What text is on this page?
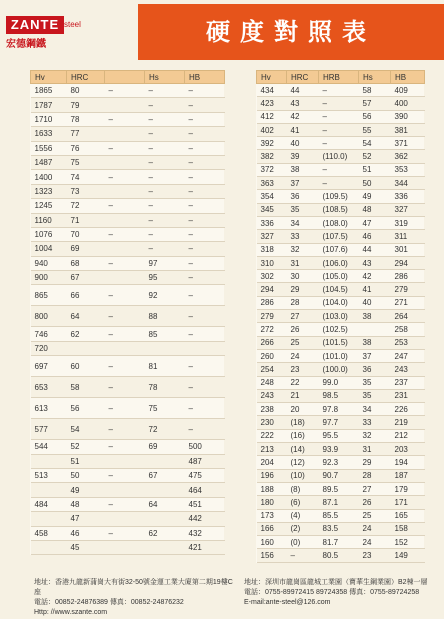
ZANTE steel
宏德鋼鐵	硬度對照表
Hv	HRC		Hs	HB
1865	80	–	–	–
1787	79		–	–
1710	78	–	–	–
1633	77		–	–
1556	76	–	–	–
1487	75		–	–
1400	74	–	–	–
1323	73		–	–
1245	72	–	–	–
1160	71		–	–
1076	70	–	–	–
1004	69		–	–
940	68	–	97	–
900	67		95	–
865	66	–	92	–
800	64	–	88	–
746	62	–	85	–
720				
697	60	–	81	–
653	58	–	78	–
613	56	–	75	–
577	54	–	72	–
544	52	–	69	500
	51			487
513	50	–	67	475
	49			464
484	48	–	64	451
	47			442
458	46	–	62	432
	45			421
Hv	HRC	HRB	Hs	HB
434	44	–	58	409
423	43	–	57	400
412	42	–	56	390
402	41	–	55	381
392	40	–	54	371
382	39	(110.0)	52	362
372	38	–	51	353
363	37	–	50	344
354	36	(109.5)	49	336
345	35	(108.5)	48	327
336	34	(108.0)	47	319
327	33	(107.5)	46	311
318	32	(107.6)	44	301
310	31	(106.0)	43	294
302	30	(105.0)	42	286
294	29	(104.5)	41	279
286	28	(104.0)	40	271
279	27	(103.0)	38	264
272	26	(102.5)		258
266	25	(101.5)	38	253
260	24	(101.0)	37	247
254	23	(100.0)	36	243
248	22	99.0	35	237
243	21	98.5	35	231
238	20	97.8	34	226
230	(18)	97.7	33	219
222	(16)	95.5	32	212
213	(14)	93.9	31	203
204	(12)	92.3	29	194
196	(10)	90.7	28	187
188	(8)	89.5	27	179
180	(6)	87.1	26	171
173	(4)	85.5	25	165
166	(2)	83.5	24	158
160	(0)	81.7	24	152
156	–	80.5	23	149
地址：香港九龍新蒲崗大有街32-50號金運工業大廈第二期19樓C座
電話：00852-24876389 傳真：00852-24876232
Http: //www.szante.com
地址：深圳市龍崗區龍城工業園（寶華生鋼業園）B2棟一層
電話：0755-89972415 89724358 傳真：0755-89724258
E-mail:ante-steel@126.com
